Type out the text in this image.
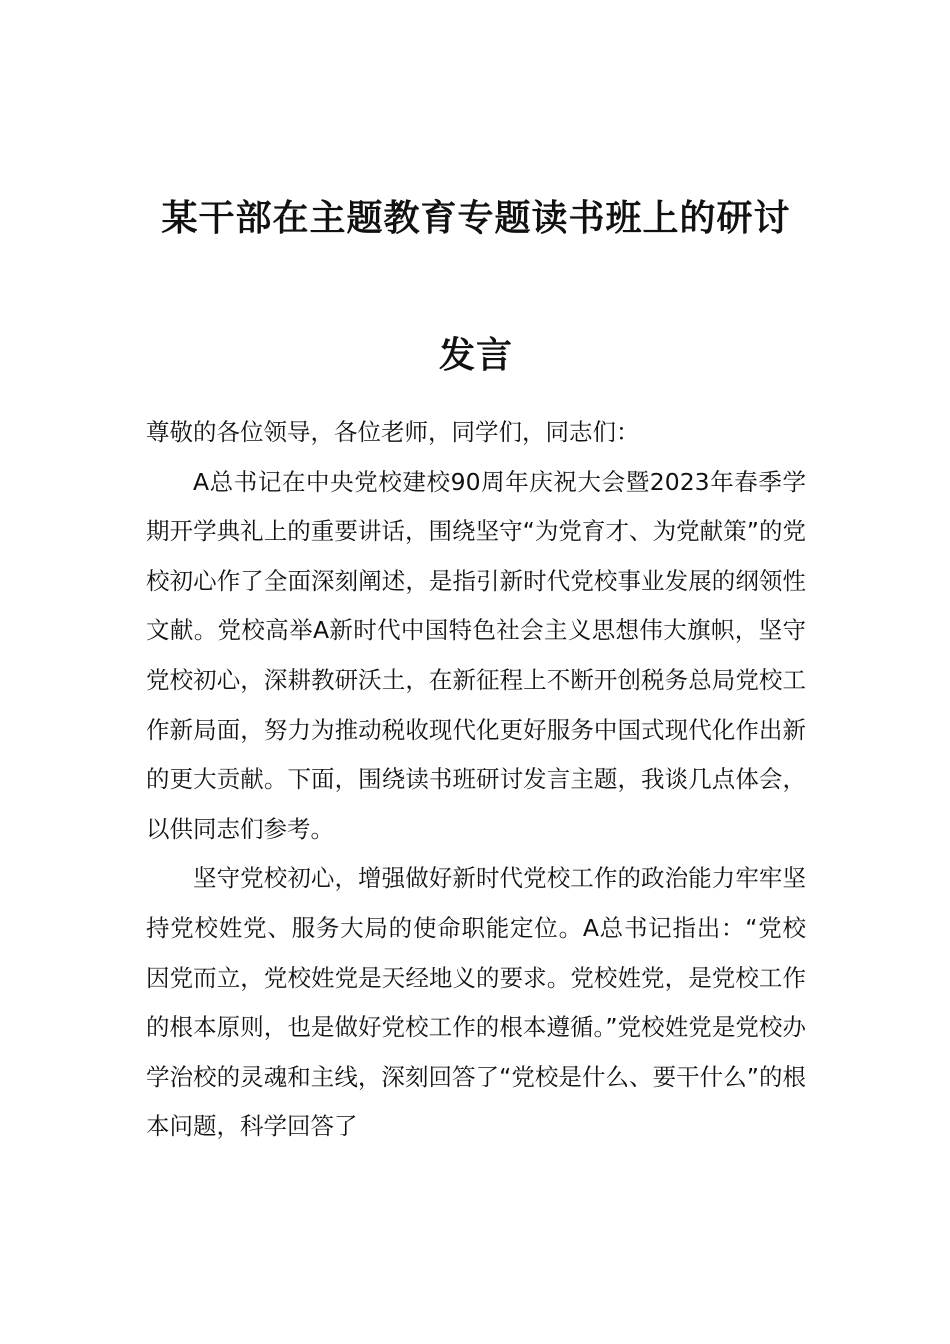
某干部在主题教育专题读书班上的研讨发言

尊敬的各位领导，各位老师，同学们，同志们：

A总书记在中央党校建校90周年庆祝大会暨2023年春季学期开学典礼上的重要讲话，围绕坚守“为党育才、为党献策”的党校初心作了全面深刻阐述，是指引新时代党校事业发展的纲领性文献。党校高举A新时代中国特色社会主义思想伟大旗帜，坚守党校初心，深耕教研沃土，在新征程上不断开创税务总局党校工作新局面，努力为推动税收现代化更好服务中国式现代化作出新的更大贡献。下面，围绕读书班研讨发言主题，我谈几点体会，以供同志们参考。

坚守党校初心，增强做好新时代党校工作的政治能力牢牢坚持党校姓党、服务大局的使命职能定位。A总书记指出：“党校因党而立，党校姓党是天经地义的要求。党校姓党，是党校工作的根本原则，也是做好党校工作的根本遵循。”党校姓党是党校办学治校的灵魂和主线，深刻回答了“党校是什么、要干什么”的根本问题，科学回答了
